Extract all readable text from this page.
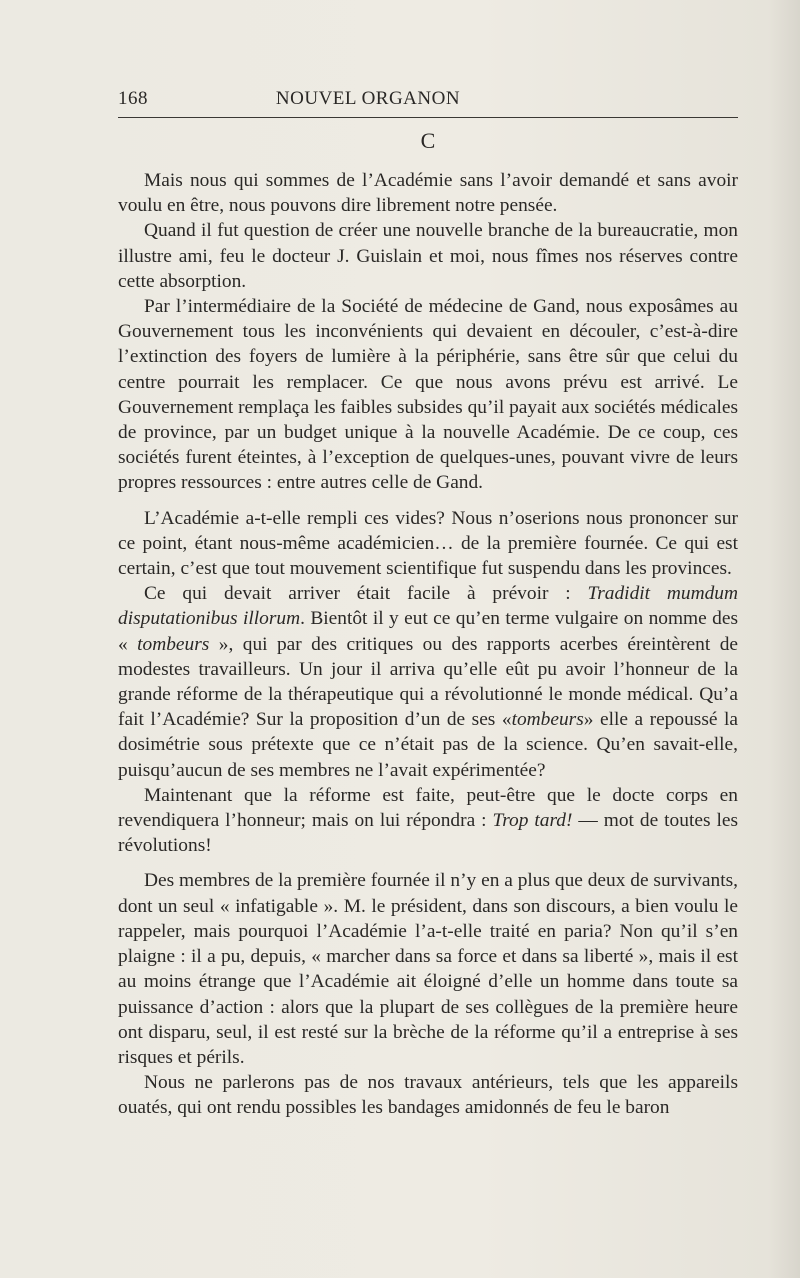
168	NOUVEL ORGANON
C

Mais nous qui sommes de l’Académie sans l’avoir demandé et sans avoir voulu en être, nous pouvons dire librement notre pensée.

Quand il fut question de créer une nouvelle branche de la bureaucratie, mon illustre ami, feu le docteur J. Guislain et moi, nous fîmes nos réserves contre cette absorption.

Par l’intermédiaire de la Société de médecine de Gand, nous exposâmes au Gouvernement tous les inconvénients qui devaient en découler, c’est-à-dire l’extinction des foyers de lumière à la périphérie, sans être sûr que celui du centre pourrait les remplacer. Ce que nous avons prévu est arrivé. Le Gouvernement remplaça les faibles subsides qu’il payait aux sociétés médicales de province, par un budget unique à la nouvelle Académie. De ce coup, ces sociétés furent éteintes, à l’exception de quelques-unes, pouvant vivre de leurs propres ressources : entre autres celle de Gand.

L’Académie a-t-elle rempli ces vides? Nous n’oserions nous prononcer sur ce point, étant nous-même académicien… de la première fournée. Ce qui est certain, c’est que tout mouvement scientifique fut suspendu dans les provinces.

Ce qui devait arriver était facile à prévoir : Tradidit mumdum disputationibus illorum. Bientôt il y eut ce qu’en terme vulgaire on nomme des « tombeurs », qui par des critiques ou des rapports acerbes éreintèrent de modestes travailleurs. Un jour il arriva qu’elle eût pu avoir l’honneur de la grande réforme de la thérapeutique qui a révolutionné le monde médical. Qu’a fait l’Académie? Sur la proposition d’un de ses «tombeurs» elle a repoussé la dosimétrie sous prétexte que ce n’était pas de la science. Qu’en savait-elle, puisqu’aucun de ses membres ne l’avait expérimentée?

Maintenant que la réforme est faite, peut-être que le docte corps en revendiquera l’honneur; mais on lui répondra : Trop tard! — mot de toutes les révolutions!

Des membres de la première fournée il n’y en a plus que deux de survivants, dont un seul « infatigable ». M. le président, dans son discours, a bien voulu le rappeler, mais pourquoi l’Académie l’a-t-elle traité en paria? Non qu’il s’en plaigne : il a pu, depuis, « marcher dans sa force et dans sa liberté », mais il est au moins étrange que l’Académie ait éloigné d’elle un homme dans toute sa puissance d’action : alors que la plupart de ses collègues de la première heure ont disparu, seul, il est resté sur la brèche de la réforme qu’il a entreprise à ses risques et périls.

Nous ne parlerons pas de nos travaux antérieurs, tels que les appareils ouatés, qui ont rendu possibles les bandages amidonnés de feu le baron
